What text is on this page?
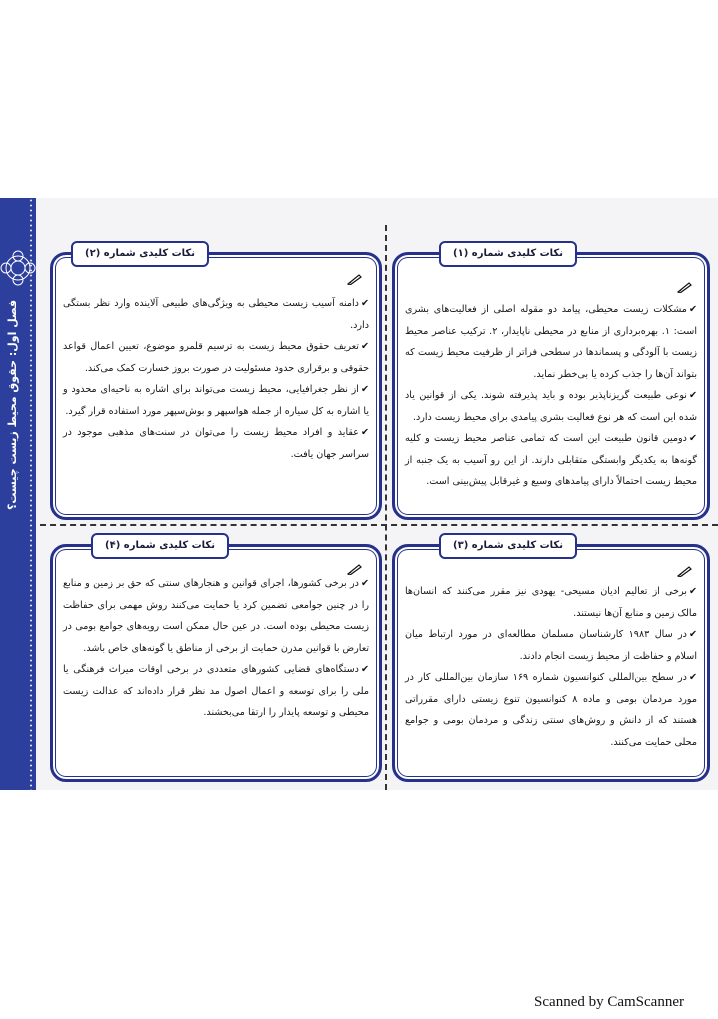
فصل اول: حقوق محیط زیست چیست؟
نکات کلیدی شماره (۱)

✔مشکلات زیست محیطی، پیامد دو مقوله اصلی از فعالیت‌های بشری است: ۱. بهره‌برداری از منابع در محیطی ناپایدار، ۲. ترکیب عناصر محیط زیست با آلودگی و پسماندها در سطحی فراتر از ظرفیت محیط زیست که بتواند آن‌ها را جذب کرده یا بی‌خطر نماید.

✔نوعی طبیعت گریزناپذیر بوده و باید پذیرفته شوند. یکی از قوانین یاد شده این است که هر نوع فعالیت بشری پیامدی برای محیط زیست دارد.

✔دومین قانون طبیعت این است که تمامی عناصر محیط زیست و کلیه گونه‌ها به یکدیگر وابستگی متقابلی دارند. از این رو آسیب به یک جنبه از محیط زیست احتمالاً دارای پیامدهای وسیع و غیرقابل پیش‌بینی است.

نکات کلیدی شماره (۲)

✔دامنه آسیب زیست محیطی به ویژگی‌های طبیعی آلاینده وارد نظر بستگی دارد.

✔تعریف حقوق محیط زیست به ترسیم قلمرو موضوع، تعیین اعمال قواعد حقوقی و برقراری حدود مسئولیت در صورت بروز خسارت کمک می‌کند.

✔از نظر جغرافیایی، محیط زیست می‌تواند برای اشاره به ناحیه‌ای محدود و یا اشاره به کل سیاره از جمله هواسپهر و بوش‌سپهر مورد استفاده قرار گیرد.

✔عقاید و افراد محیط زیست را می‌توان در سنت‌های مذهبی موجود در سراسر جهان یافت.

نکات کلیدی شماره (۳)

✔برخی از تعالیم ادیان مسیحی- یهودی نیز مقرر می‌کنند که انسان‌ها مالک زمین و منابع آن‌ها نیستند.

✔در سال ۱۹۸۳ کارشناسان مسلمان مطالعه‌ای در مورد ارتباط میان اسلام و حفاظت از محیط زیست انجام دادند.

✔در سطح بین‌المللی کنوانسیون شماره ۱۶۹ سازمان بین‌المللی کار در مورد مردمان بومی و ماده ۸ کنوانسیون تنوع زیستی دارای مقرراتی هستند که از دانش و روش‌های سنتی زندگی و مردمان بومی و جوامع محلی حمایت می‌کنند.

نکات کلیدی شماره (۴)

✔در برخی کشورها، اجرای قوانین و هنجارهای سنتی که حق بر زمین و منابع را در چنین جوامعی تضمین کرد یا حمایت می‌کنند روش مهمی برای حفاظت زیست محیطی بوده است. در عین حال ممکن است رویه‌های جوامع بومی در تعارض با قوانین مدرن حمایت از برخی از مناطق یا گونه‌های خاص باشد.

✔دستگاه‌های قضایی کشورهای متعددی در برخی اوقات میراث فرهنگی یا ملی را برای توسعه و اعمال اصول مد نظر قرار داده‌اند که عدالت زیست محیطی و توسعه پایدار را ارتقا می‌بخشند.

Scanned by CamScanner
